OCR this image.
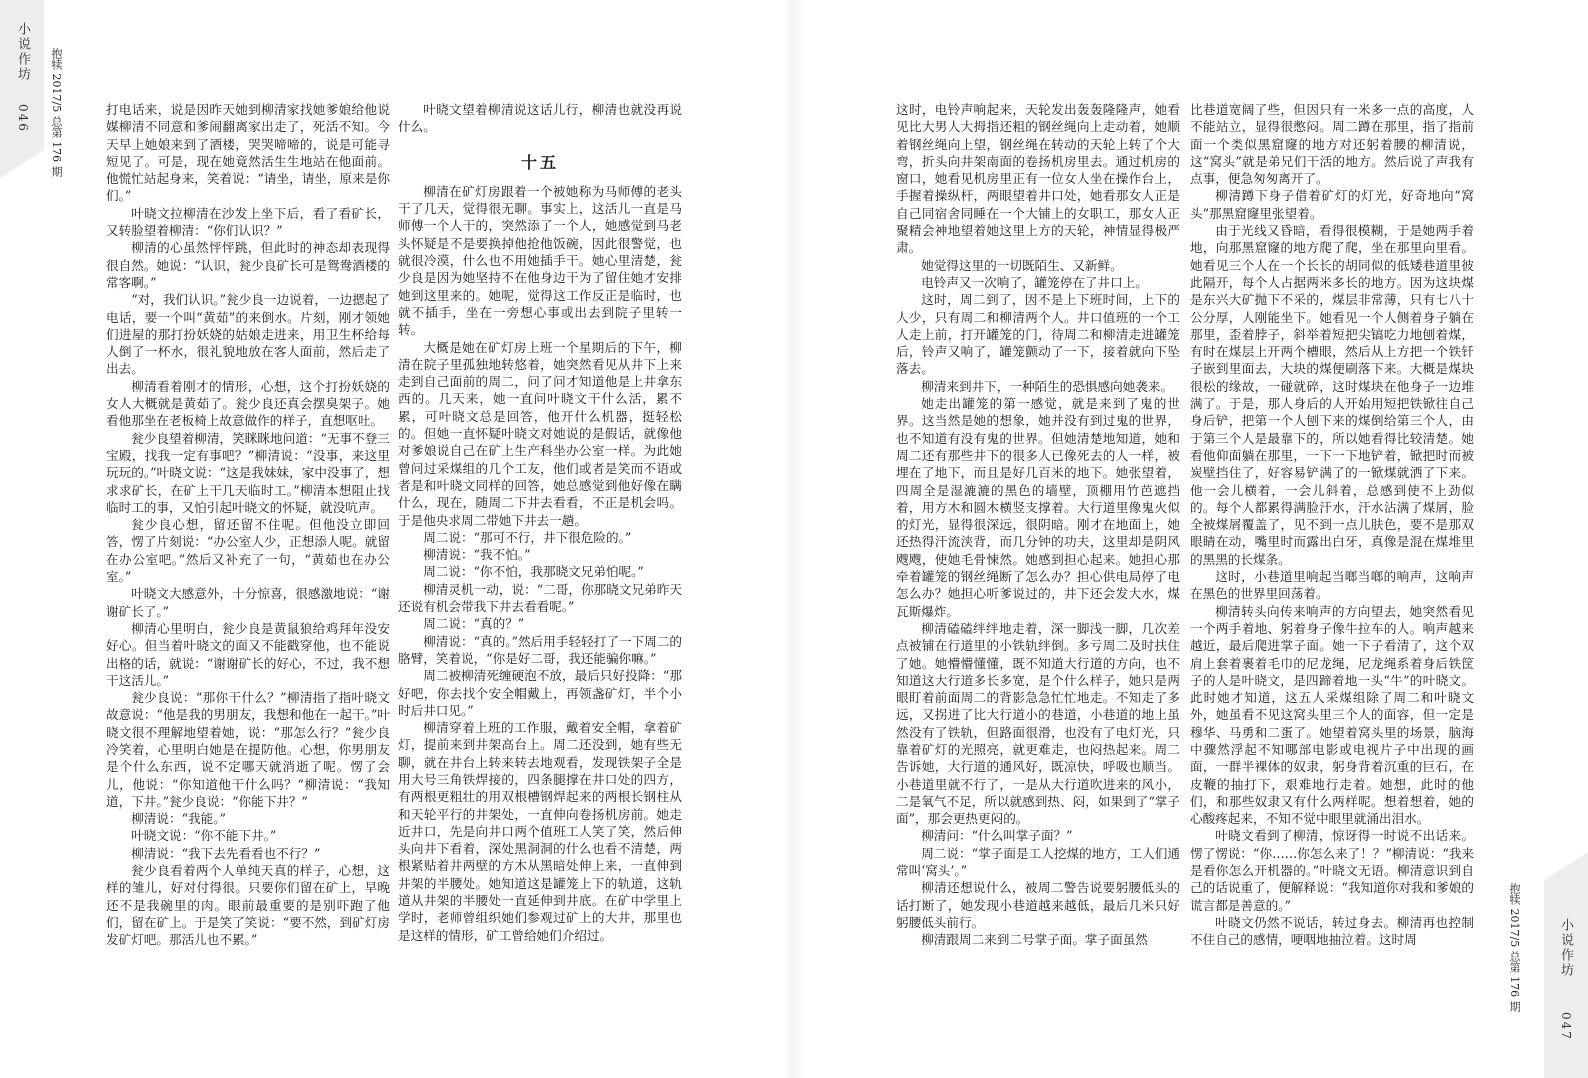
小说作坊
046 抱犊 2017/5 总第 176 期
小说作坊
047
抱犊 2017/5 总第 176 期

打电话来，说是因昨天她到柳清家找她爹娘给他说媒柳清不同意和爹闹翻离家出走了，死活不知。今天早上她娘来到了酒楼，哭哭啼啼的，说是可能寻短见了。可是，现在她竟然活生生地站在他面前。他慌忙站起身来，笑着说：“请坐，请坐，原来是你们。”

叶晓文拉柳清在沙发上坐下后，看了看矿长，又转脸望着柳清：“你们认识？”

柳清的心虽然怦怦跳，但此时的神态却表现得很自然。她说：“认识，瓮少良矿长可是鸳鸯酒楼的常客啊。”

“对，我们认识。”瓮少良一边说着，一边摁起了电话，要一个叫“黄茹”的来倒水。片刻，刚才领她们进屋的那打扮妖娆的姑娘走进来，用卫生杯给每人倒了一杯水，很礼貌地放在客人面前，然后走了出去。

柳清看着刚才的情形，心想，这个打扮妖娆的女人大概就是黄茹了。瓮少良还真会摆臭架子。她看他那坐在老板椅上故意做作的样子，直想呕吐。

瓮少良望着柳清，笑眯眯地问道：“无事不登三宝殿，找我一定有事吧？”柳清说：“没事，来这里玩玩的。”叶晓文说：“这是我妹妹，家中没事了，想求求矿长，在矿上干几天临时工。”柳清本想阻止找临时工的事，又怕引起叶晓文的怀疑，就没吭声。

瓮少良心想，留还留不住呢。但他没立即回答，愣了片刻说：“办公室人少，正想添人呢。就留在办公室吧。”然后又补充了一句，“黄茹也在办公室。”

叶晓文大感意外，十分惊喜，很感激地说：“谢谢矿长了。”

柳清心里明白，瓮少良是黄鼠狼给鸡拜年没安好心。但当着叶晓文的面又不能戳穿他，也不能说出格的话，就说：“谢谢矿长的好心，不过，我不想干这活儿。”

瓮少良说：“那你干什么？”柳清指了指叶晓文故意说：“他是我的男朋友，我想和他在一起干。”叶晓文很不理解地望着她，说：“那怎么行？”瓮少良冷笑着，心里明白她是在提防他。心想，你男朋友是个什么东西，说不定哪天就消逝了呢。愣了会儿，他说：“你知道他干什么吗？”柳清说：“我知道，下井。”瓮少良说：“你能下井？”

柳清说：“我能。”

叶晓文说：“你不能下井。”

柳清说：“我下去先看看也不行？”

瓮少良看着两个人单纯天真的样子，心想，这样的雏儿，好对付得很。只要你们留在矿上，早晚还不是我碗里的肉。眼前最重要的是别吓跑了他们，留在矿上。于是笑了笑说：“要不然，到矿灯房发矿灯吧。那活儿也不累。”

叶晓文望着柳清说这话儿行，柳清也就没再说什么。

十五

柳清在矿灯房跟着一个被她称为马师傅的老头干了几天，觉得很无聊。事实上，这活儿一直是马师傅一个人干的，突然添了一个人，她感觉到马老头怀疑是不是要换掉他抢他饭碗，因此很警觉，也就很冷漠，什么也不用她插手干。她心里清楚，瓮少良是因为她坚持不在他身边干为了留住她才安排她到这里来的。她呢，觉得这工作反正是临时，也就不插手，坐在一旁想心事或出去到院子里转一转。

大概是她在矿灯房上班一个星期后的下午，柳清在院子里孤独地转悠着，她突然看见从井下上来走到自己面前的周二，问了问才知道他是上井拿东西的。几天来，她一直问叶晓文干什么活，累不累，可叶晓文总是回答，他开什么机器，挺轻松的。但她一直怀疑叶晓文对她说的是假话，就像他对爹娘说自己在矿上生产科坐办公室一样。为此她曾问过采煤组的几个工友，他们或者是笑而不语或者是和叶晓文同样的回答，她总感觉到他好像在瞒什么，现在，随周二下井去看看，不正是机会吗。于是他央求周二带她下井去一趟。

周二说：“那可不行，井下很危险的。”

柳清说：“我不怕。”

周二说：“你不怕，我那晓文兄弟怕呢。”

柳清灵机一动，说：“二哥，你那晓文兄弟昨天还说有机会带我下井去看看呢。”

周二说：“真的？”

柳清说：“真的。”然后用手轻轻打了一下周二的胳臂，笑着说，“你是好二哥，我还能骗你嘛。”

周二被柳清死缠硬泡不放，最后只好投降：“那好吧，你去找个安全帽戴上，再领盏矿灯，半个小时后井口见。”

柳清穿着上班的工作服，戴着安全帽，拿着矿灯，提前来到井架高台上。周二还没到，她有些无聊，就在井台上转来转去地观看，发现铁架子全是用大号三角铁焊接的，四条腿撑在井口处的四方，有两根更粗壮的用双根槽钢焊起来的两根长钢柱从和天轮平行的井架处，一直伸向卷扬机房前。她走近井口，先是向井口两个值班工人笑了笑，然后伸头向井下看着，深处黑洞洞的什么也看不清楚，两根紧贴着井两壁的方木从黑暗处伸上来，一直伸到井架的半腰处。她知道这是罐笼上下的轨道，这轨道从井架的半腰处一直延伸到井底。在矿中学里上学时，老师曾组织她们参观过矿上的大井，那里也是这样的情形，矿工曾给她们介绍过。

这时，电铃声响起来，天轮发出轰轰隆隆声，她看见比大男人大拇指还粗的钢丝绳向上走动着，她顺着钢丝绳向上望，钢丝绳在转动的天轮上转了个大弯，折头向井架南面的卷扬机房里去。通过机房的窗口，她看见机房里正有一位女人坐在操作台上，手握着操纵杆，两眼望着井口处，她看那女人正是自己同宿舍同睡在一个大铺上的女职工，那女人正聚精会神地望着她这里上方的天轮，神情显得极严肃。

她觉得这里的一切既陌生、又新鲜。

电铃声又一次响了，罐笼停在了井口上。

这时，周二到了，因不是上下班时间，上下的人少，只有周二和柳清两个人。井口值班的一个工人走上前，打开罐笼的门，待周二和柳清走进罐笼后，铃声又响了，罐笼颤动了一下，接着就向下坠落去。

柳清来到井下，一种陌生的恐惧感向她袭来。

她走出罐笼的第一感觉，就是来到了鬼的世界。这当然是她的想象，她并没有到过鬼的世界，也不知道有没有鬼的世界。但她清楚地知道，她和周二还有那些井下的很多人已像死去的人一样，被埋在了地下，而且是好几百米的地下。她张望着，四周全是湿漉漉的黑色的墙壁，顶棚用竹芭遮挡着，用方木和圆木横竖支撑着。大行道里像鬼火似的灯光，显得很深远，很阴暗。刚才在地面上，她还热得汗流浃背，而几分钟的功夫，这里却是阴风飕飕，使她毛骨悚然。她感到担心起来。她担心那牵着罐笼的钢丝绳断了怎么办？担心供电局停了电怎么办？她担心听爹说过的，井下还会发大水，煤瓦斯爆炸。

柳清磕磕绊绊地走着，深一脚浅一脚，几次差点被铺在行道里的小铁轨绊倒。多亏周二及时扶住了她。她懵懵懂懂，既不知道大行道的方向，也不知道这大行道多长多宽，是个什么样子，她只是两眼盯着前面周二的背影急急忙忙地走。不知走了多远，又拐进了比大行道小的巷道，小巷道的地上虽然没有了铁轨，但路面很滑，也没有了电灯光，只靠着矿灯的光照亮，就更难走，也闷热起来。周二告诉她，大行道的通风好，既凉快，呼吸也顺当。小巷道里就不行了，一是从大行道吹进来的风小，二是氧气不足，所以就感到热、闷，如果到了“掌子面”，那会更热更闷的。

柳清问：“什么叫掌子面？”

周二说：“掌子面是工人挖煤的地方，工人们通常叫‘窝头’。”

柳清还想说什么，被周二警告说要躬腰低头的话打断了，她发现小巷道越来越低，最后几米只好躬腰低头前行。

柳清跟周二来到二号掌子面。掌子面虽然

比巷道宽阔了些，但因只有一米多一点的高度，人不能站立，显得很憋闷。周二蹲在那里，指了指前面一个类似黑窟窿的地方对还躬着腰的柳清说，这“窝头”就是弟兄们干活的地方。然后说了声我有点事，便急匆匆离开了。

柳清蹲下身子借着矿灯的灯光，好奇地向“窝头”那黑窟窿里张望着。

由于光线又昏暗，看得很模糊，于是她两手着地，向那黑窟窿的地方爬了爬，坐在那里向里看。她看见三个人在一个长长的胡同似的低矮巷道里彼此隔开，每个人占据两米多长的地方。因为这块煤是东兴大矿抛下不采的，煤层非常薄，只有七八十公分厚，人刚能坐下。她看见一个人侧着身子躺在那里，歪着脖子，斜举着短把尖镐吃力地刨着煤，有时在煤层上开两个槽眼，然后从上方把一个铁钎子嵌到里面去，大块的煤便刷落下来。大概是煤块很松的缘故，一碰就碎，这时煤块在他身子一边堆满了。于是，那人身后的人开始用短把铁锨往自己身后铲，把第一个人刨下来的煤倒给第三个人，由于第三个人是最靠下的，所以她看得比较清楚。她看他仰面躺在那里，一下一下地铲着，锨把时而被炭壁挡住了，好容易铲满了的一锨煤就洒了下来。他一会儿横着，一会儿斜着，总感到使不上劲似的。每个人都累得满脸汗水，汗水沾满了煤屑，脸全被煤屑覆盖了，见不到一点儿肤色，要不是那双眼睛在动，嘴里时而露出白牙，真像是混在煤堆里的黑黑的长煤条。

这时，小巷道里响起当啷当啷的响声，这响声在黑色的世界里回荡着。

柳清转头向传来响声的方向望去，她突然看见一个两手着地、躬着身子像牛拉车的人。响声越来越近，最后爬进掌子面。她一下子看清了，这个双肩上套着裹着毛巾的尼龙绳，尼龙绳系着身后铁筐子的人是叶晓文，是四蹄着地一头“牛”的叶晓文。此时她才知道，这五人采煤组除了周二和叶晓文外，她虽看不见这窝头里三个人的面容，但一定是穆华、马勇和二蛋了。她望着窝头里的场景，脑海中骤然浮起不知哪部电影或电视片子中出现的画面，一群半裸体的奴隶，躬身背着沉重的巨石，在皮鞭的抽打下，艰难地行走着。她想，此时的他们，和那些奴隶又有什么两样呢。想着想着，她的心酸疼起来，不知不觉中眼里就涌出泪水。

叶晓文看到了柳清，惊讶得一时说不出话来。愣了愣说：“你……你怎么来了！？”柳清说：“我来是看你怎么开机器的。”叶晓文无语。柳清意识到自己的话说重了，便解释说：“我知道你对我和爹娘的谎言都是善意的。”

叶晓文仍然不说话，转过身去。柳清再也控制不住自己的感情，哽咽地抽泣着。这时周
